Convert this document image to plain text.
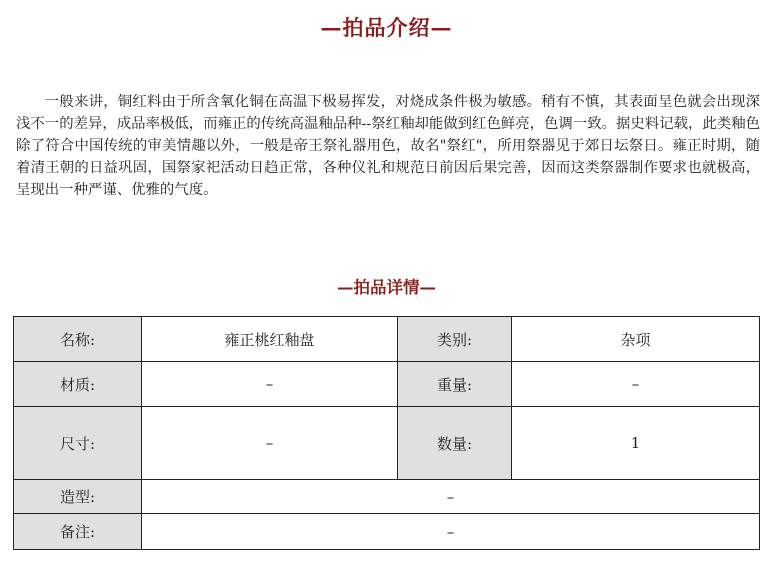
—拍品介绍—

一般来讲，铜红料由于所含氧化铜在高温下极易挥发，对烧成条件极为敏感。稍有不慎，其表面呈色就会出现深浅不一的差异，成品率极低，而雍正的传统高温釉品种--祭红釉却能做到红色鲜亮，色调一致。据史料记载，此类釉色除了符合中国传统的审美情趣以外，一般是帝王祭礼器用色，故名"祭红"，所用祭器见于郊日坛祭日。雍正时期，随着清王朝的日益巩固，国祭家祀活动日趋正常，各种仪礼和规范日前因后果完善，因而这类祭器制作要求也就极高，呈现出一种严谨、优雅的气度。

—拍品详情—
名称:	雍正桃红釉盘	类别:	杂项
材质:	–	重量:	–
尺寸:	–	数量:	1
造型:	–		
备注:	–		
